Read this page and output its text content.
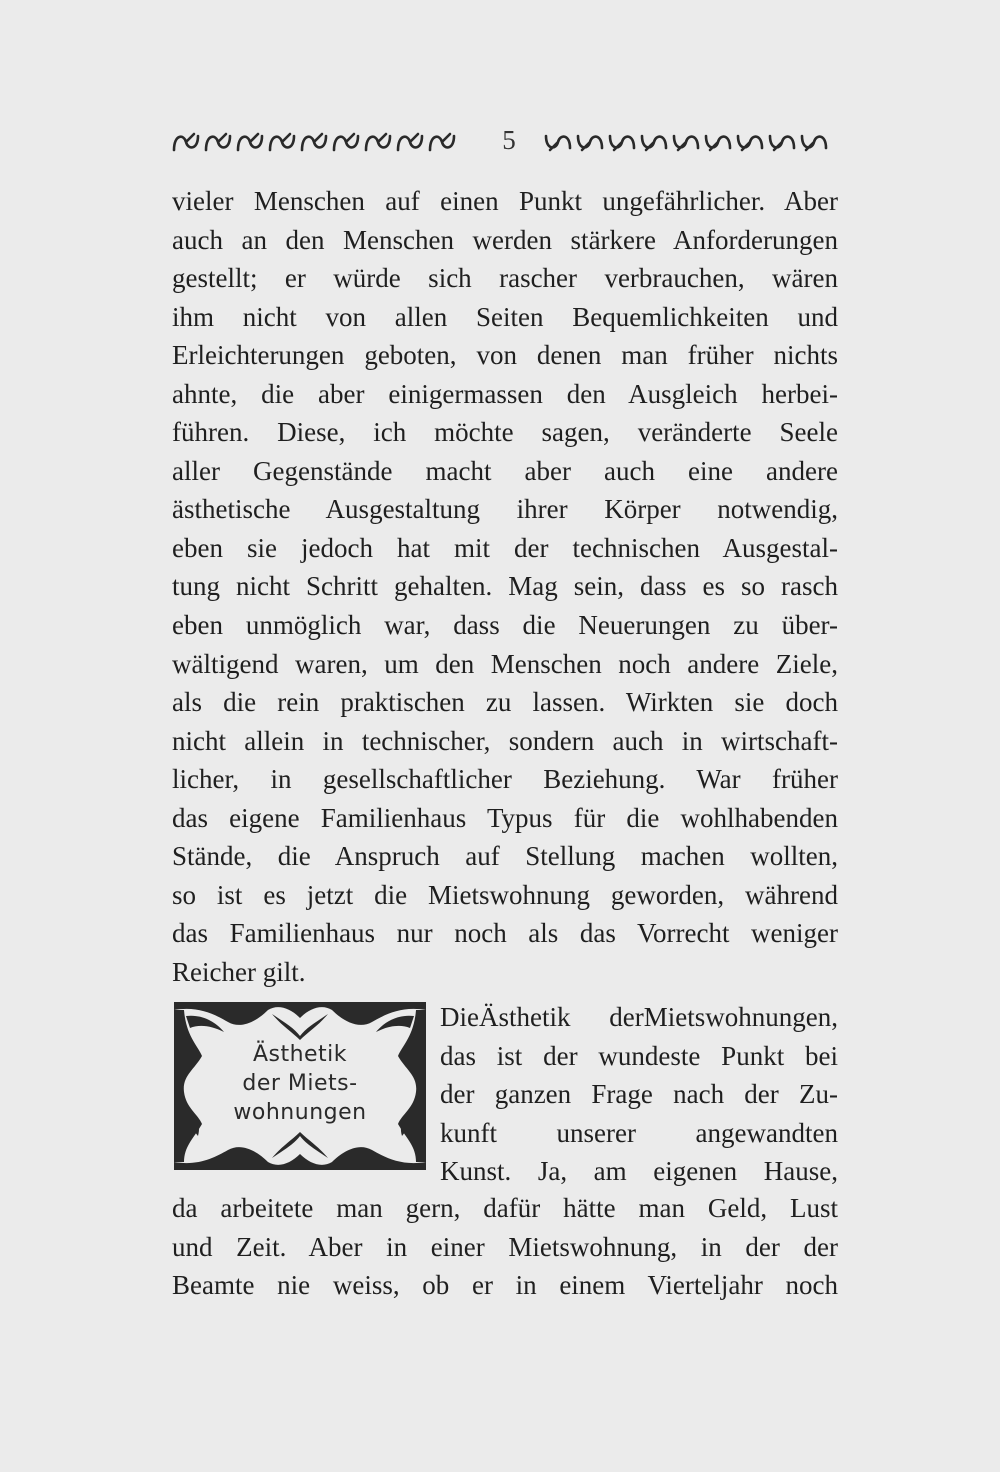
5
vieler Menschen auf einen Punkt ungefährlicher. Aber
auch an den Menschen werden stärkere Anforderungen
gestellt; er würde sich rascher verbrauchen, wären
ihm nicht von allen Seiten Bequemlichkeiten und
Erleichterungen geboten, von denen man früher nichts
ahnte, die aber einigermassen den Ausgleich herbei-
führen. Diese, ich möchte sagen, veränderte Seele
aller Gegenstände macht aber auch eine andere
ästhetische Ausgestaltung ihrer Körper notwendig,
eben sie jedoch hat mit der technischen Ausgestal-
tung nicht Schritt gehalten. Mag sein, dass es so rasch
eben unmöglich war, dass die Neuerungen zu über-
wältigend waren, um den Menschen noch andere Ziele,
als die rein praktischen zu lassen. Wirkten sie doch
nicht allein in technischer, sondern auch in wirtschaft-
licher, in gesellschaftlicher Beziehung. War früher
das eigene Familienhaus Typus für die wohlhabenden
Stände, die Anspruch auf Stellung machen wollten,
so ist es jetzt die Mietswohnung geworden, während
das Familienhaus nur noch als das Vorrecht weniger
Reicher gilt.
Ästhetik
der Miets-
wohnungen
DieÄsthetik derMietswohnungen,
das ist der wundeste Punkt bei
der ganzen Frage nach der Zu-
kunft unserer angewandten
Kunst. Ja, am eigenen Hause,
da arbeitete man gern, dafür hätte man Geld, Lust
und Zeit. Aber in einer Mietswohnung, in der der
Beamte nie weiss, ob er in einem Vierteljahr noch
